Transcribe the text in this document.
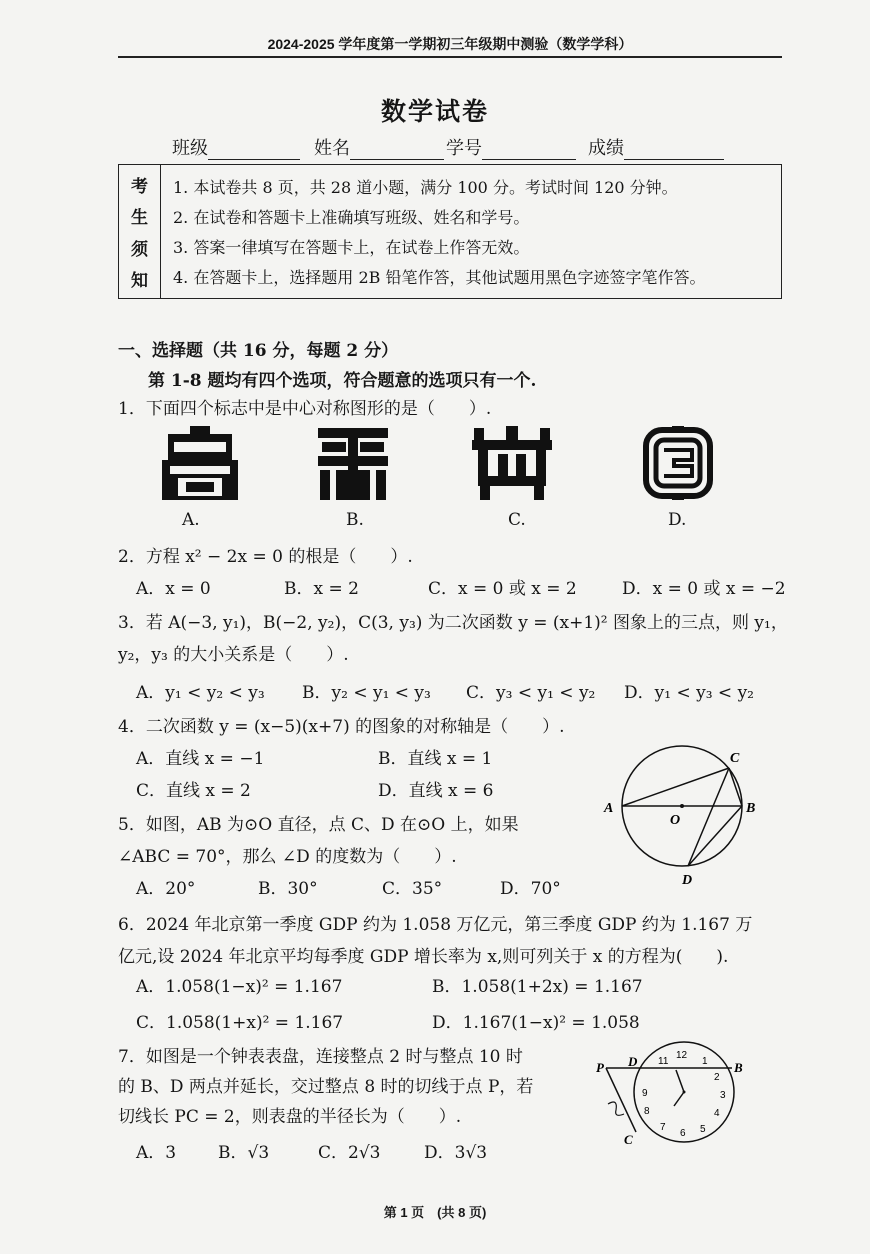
2024-2025 学年度第一学期初三年级期中测验（数学学科）
数学试卷
班级	姓名	学号	成绩
考
生
须
知
1. 本试卷共 8 页，共 28 道小题，满分 100 分。考试时间 120 分钟。
2. 在试卷和答题卡上准确填写班级、姓名和学号。
3. 答案一律填写在答题卡上，在试卷上作答无效。
4. 在答题卡上，选择题用 2B 铅笔作答，其他试题用黑色字迹签字笔作答。
一、选择题（共 16 分，每题 2 分）
第 1-8 题均有四个选项，符合题意的选项只有一个.
1．下面四个标志中是中心对称图形的是（　　）.
A.	B.	C.	D.
2．方程 x² − 2x = 0 的根是（　　）.
A．x = 0	B．x = 2	C．x = 0 或 x = 2	D．x = 0 或 x = −2
3．若 A(−3, y₁)，B(−2, y₂)，C(3, y₃) 为二次函数 y = (x+1)² 图象上的三点，则 y₁，
y₂，y₃ 的大小关系是（　　）.
A．y₁ < y₂ < y₃ B．y₂ < y₁ < y₃ C．y₃ < y₁ < y₂ D．y₁ < y₃ < y₂
4．二次函数 y = (x−5)(x+7) 的图象的对称轴是（　　）.
A．直线 x = −1	B．直线 x = 1
C．直线 x = 2	D．直线 x = 6
A	B
C
D
O
5．如图，AB 为⊙O 直径，点 C、D 在⊙O 上，如果
∠ABC = 70°，那么 ∠D 的度数为（　　）.
A．20°	B．30°	C．35°	D．70°
6．2024 年北京第一季度 GDP 约为 1.058 万亿元，第三季度 GDP 约为 1.167 万
亿元,设 2024 年北京平均每季度 GDP 增长率为 x,则可列关于 x 的方程为(　　).
A．1.058(1−x)² = 1.167	B．1.058(1+2x) = 1.167
C．1.058(1+x)² = 1.167	D．1.167(1−x)² = 1.058
7．如图是一个钟表表盘，连接整点 2 时与整点 10 时
的 B、D 两点并延长，交过整点 8 时的切线于点 P，若
切线长 PC = 2，则表盘的半径长为（　　）.
A．3 B．√3	C．2√3	D．3√3
12
1
2
3
4
5
6
7
8
9
11
P D	B
C
第 1 页　(共 8 页)
